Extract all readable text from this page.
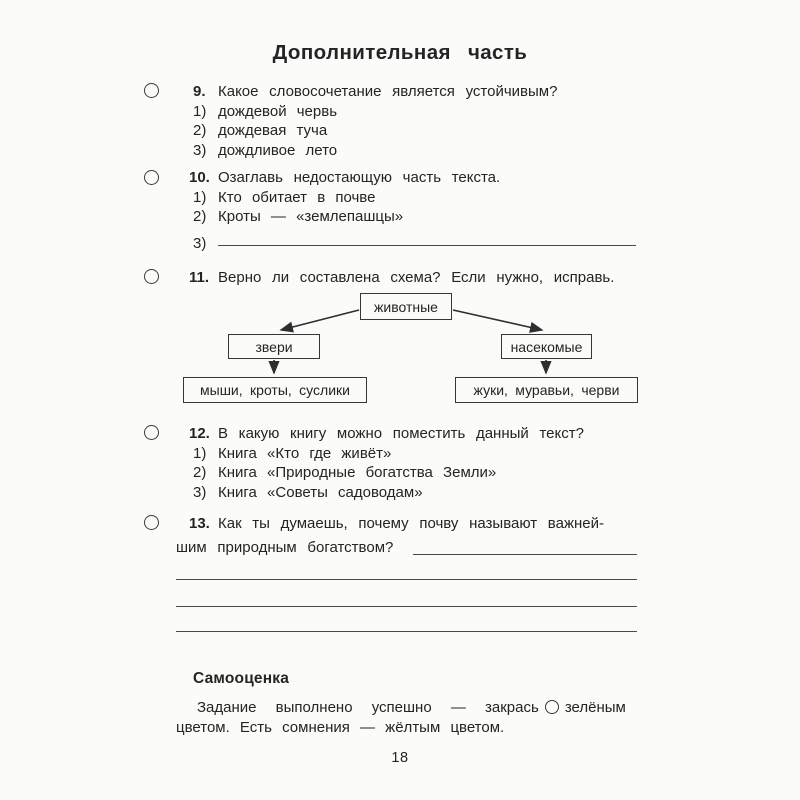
Дополнительная часть
9. Какое словосочетание является устойчивым?
1) дождевой червь
2) дождевая туча
3) дождливое лето
10. Озаглавь недостающую часть текста.
1) Кто обитает в почве
2) Кроты — «землепашцы»
3)
11. Верно ли составлена схема? Если нужно, исправь.
животные
звери	насекомые
мыши, кроты, суслики	жуки, муравьи, черви
12. В какую книгу можно поместить данный текст?
1) Книга «Кто где живёт»
2) Книга «Природные богатства Земли»
3) Книга «Советы садоводам»
13. Как ты думаешь, почему почву называют важней-
шим природным богатством?
Самооценка
Задание выполнено успешно — закрась зелёным
цветом. Есть сомнения — жёлтым цветом.
18
